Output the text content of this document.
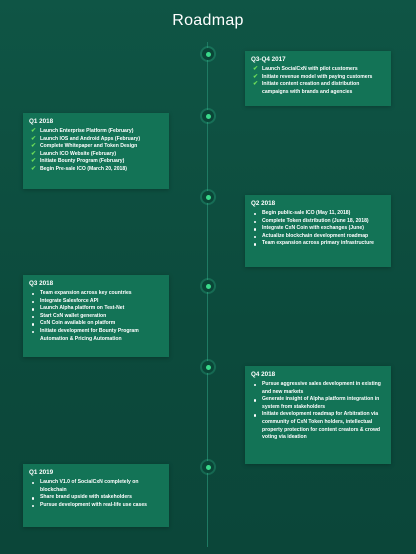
Roadmap
Q3-Q4 2017
✔ Launch SocialCxN with pilot customers
✔ Initiate revenue model with paying customers
✔ Initiate content creation and distribution campaigns with brands and agencies
Q1 2018
✔ Launch Enterprise Platform (February)
✔ Launch IOS and Android Apps (February)
✔ Complete Whitepaper and Token Design
✔ Launch ICO Website (February)
✔ Initiate Bounty Program (February)
✔ Begin Pre-sale ICO (March 20, 2018)
Q2 2018
Begin public-sale ICO (May 11, 2018)
Complete Token distribution (June 18, 2018)
Integrate CxN Coin with exchanges (June)
Actualize blockchain development roadmap
Team expansion across primary infrastructure
Q3 2018
Team expansion across key countries
Integrate Salesforce API
Launch Alpha platform on Test-Net
Start CxN wallet generation
CxN Coin available on platform
Initiate development for Bounty Program Automation & Pricing Automation
Q4 2018
Pursue aggressive sales development in existing and new markets
Generate insight of Alpha platform integration in system from stakeholders
Initiate development roadmap for Arbitration via community of CxN Token holders, intellectual property protection for content creators & crowd voting via ideation
Q1 2019
Launch V1.0 of SocialCxN completely on blockchain
Share brand upside with stakeholders
Pursue development with real-life use cases
